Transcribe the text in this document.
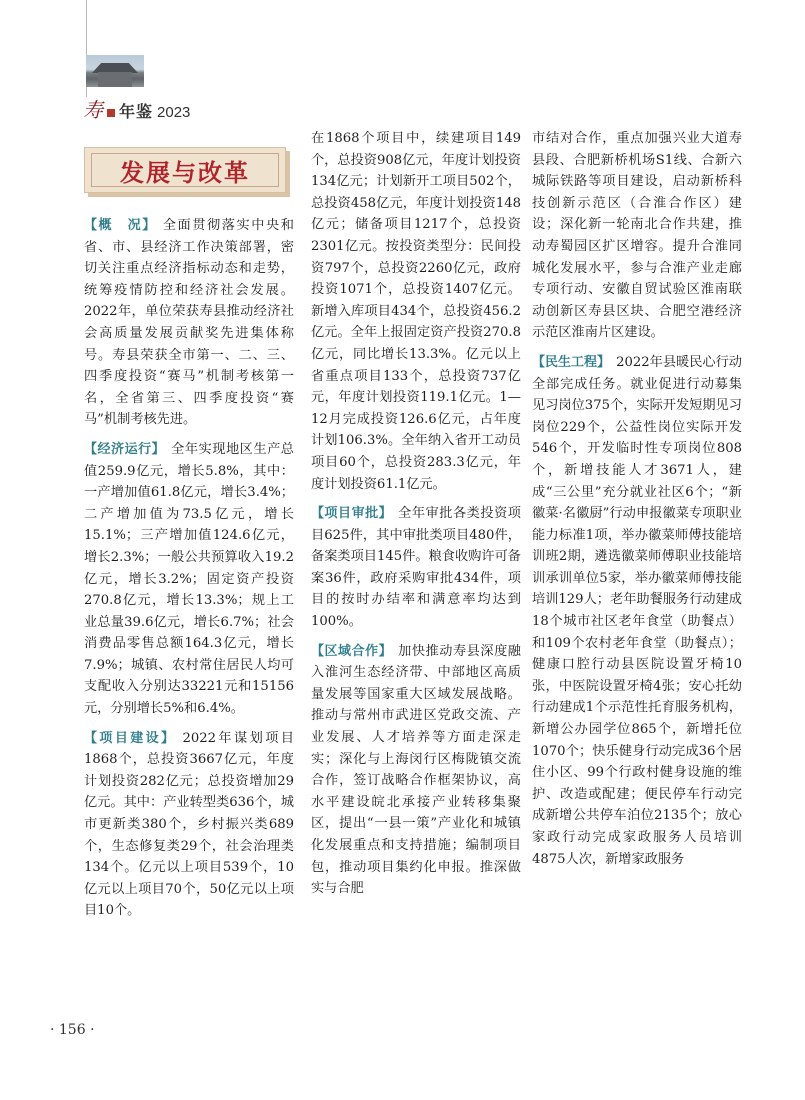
寿 年鉴 2023
发展与改革

【概　况】 全面贯彻落实中央和省、市、县经济工作决策部署，密切关注重点经济指标动态和走势，统筹疫情防控和经济社会发展。2022年，单位荣获寿县推动经济社会高质量发展贡献奖先进集体称号。寿县荣获全市第一、二、三、四季度投资“赛马”机制考核第一名，全省第三、四季度投资“赛马”机制考核先进。

【经济运行】 全年实现地区生产总值259.9亿元，增长5.8%，其中：一产增加值61.8亿元，增长3.4%；二产增加值为73.5亿元，增长15.1%；三产增加值124.6亿元，增长2.3%；一般公共预算收入19.2亿元，增长3.2%；固定资产投资270.8亿元，增长13.3%；规上工业总量39.6亿元，增长6.7%；社会消费品零售总额164.3亿元，增长7.9%；城镇、农村常住居民人均可支配收入分别达33221元和15156元，分别增长5%和6.4%。

【项目建设】 2022年谋划项目1868个，总投资3667亿元，年度计划投资282亿元；总投资增加29亿元。其中：产业转型类636个，城市更新类380个，乡村振兴类689个，生态修复类29个，社会治理类134个。亿元以上项目539个，10亿元以上项目70个，50亿元以上项目10个。

在1868个项目中，续建项目149个，总投资908亿元，年度计划投资134亿元；计划新开工项目502个，总投资458亿元，年度计划投资148亿元；储备项目1217个，总投资2301亿元。按投资类型分：民间投资797个，总投资2260亿元，政府投资1071个，总投资1407亿元。新增入库项目434个，总投资456.2亿元。全年上报固定资产投资270.8亿元，同比增长13.3%。亿元以上省重点项目133个，总投资737亿元，年度计划投资119.1亿元。1—12月完成投资126.6亿元，占年度计划106.3%。全年纳入省开工动员项目60个，总投资283.3亿元，年度计划投资61.1亿元。

【项目审批】 全年审批各类投资项目625件，其中审批类项目480件，备案类项目145件。粮食收购许可备案36件，政府采购审批434件，项目的按时办结率和满意率均达到100%。

【区域合作】 加快推动寿县深度融入淮河生态经济带、中部地区高质量发展等国家重大区域发展战略。推动与常州市武进区党政交流、产业发展、人才培养等方面走深走实；深化与上海闵行区梅陇镇交流合作，签订战略合作框架协议，高水平建设皖北承接产业转移集聚区，提出“一县一策”产业化和城镇化发展重点和支持措施；编制项目包，推动项目集约化申报。推深做实与合肥

市结对合作，重点加强兴业大道寿县段、合肥新桥机场S1线、合新六城际铁路等项目建设，启动新桥科技创新示范区（合淮合作区）建设；深化新一轮南北合作共建，推动寿蜀园区扩区增容。提升合淮同城化发展水平，参与合淮产业走廊专项行动、安徽自贸试验区淮南联动创新区寿县区块、合肥空港经济示范区淮南片区建设。

【民生工程】 2022年县暖民心行动全部完成任务。就业促进行动募集见习岗位375个，实际开发短期见习岗位229个，公益性岗位实际开发546个，开发临时性专项岗位808个，新增技能人才3671人，建成“三公里”充分就业社区6个；“新徽菜·名徽厨”行动申报徽菜专项职业能力标准1项，举办徽菜师傅技能培训班2期，遴选徽菜师傅职业技能培训承训单位5家，举办徽菜师傅技能培训129人；老年助餐服务行动建成18个城市社区老年食堂（助餐点）和109个农村老年食堂（助餐点）；健康口腔行动县医院设置牙椅10张，中医院设置牙椅4张；安心托幼行动建成1个示范性托育服务机构，新增公办园学位865个，新增托位1070个；快乐健身行动完成36个居住小区、99个行政村健身设施的维护、改造或配建；便民停车行动完成新增公共停车泊位2135个；放心家政行动完成家政服务人员培训4875人次，新增家政服务

· 156 ·
